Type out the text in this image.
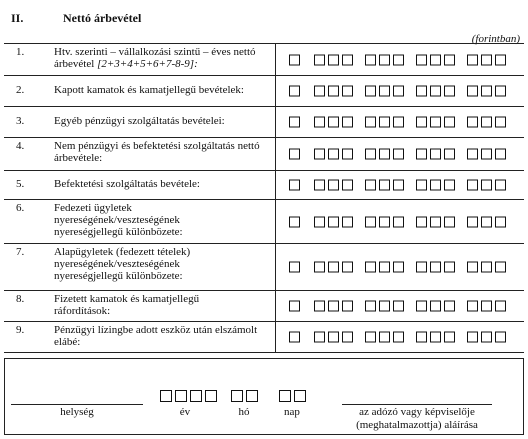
II.	Nettó árbevétel
(forintban)
1.	Htv. szerinti – vállalkozási szintű – éves nettó árbevétel [2+3+4+5+6+7-8-9]:
2.	Kapott kamatok és kamatjellegű bevételek:
3.	Egyéb pénzügyi szolgáltatás bevételei:
4.	Nem pénzügyi és befektetési szolgáltatás nettó árbevétele:
5.	Befektetési szolgáltatás bevétele:
6.	Fedezeti ügyletek nyereségének/veszteségének nyereségjellegű különbözete:
7.	Alapügyletek (fedezett tételek) nyereségének/veszteségének nyereségjellegű különbözete:
8.	Fizetett kamatok és kamatjellegű ráfordítások:
9.	Pénzügyi lízingbe adott eszköz után elszámolt elábé:
helység	év	hó	nap	az adózó vagy képviselője
(meghatalmazottja) aláírása
